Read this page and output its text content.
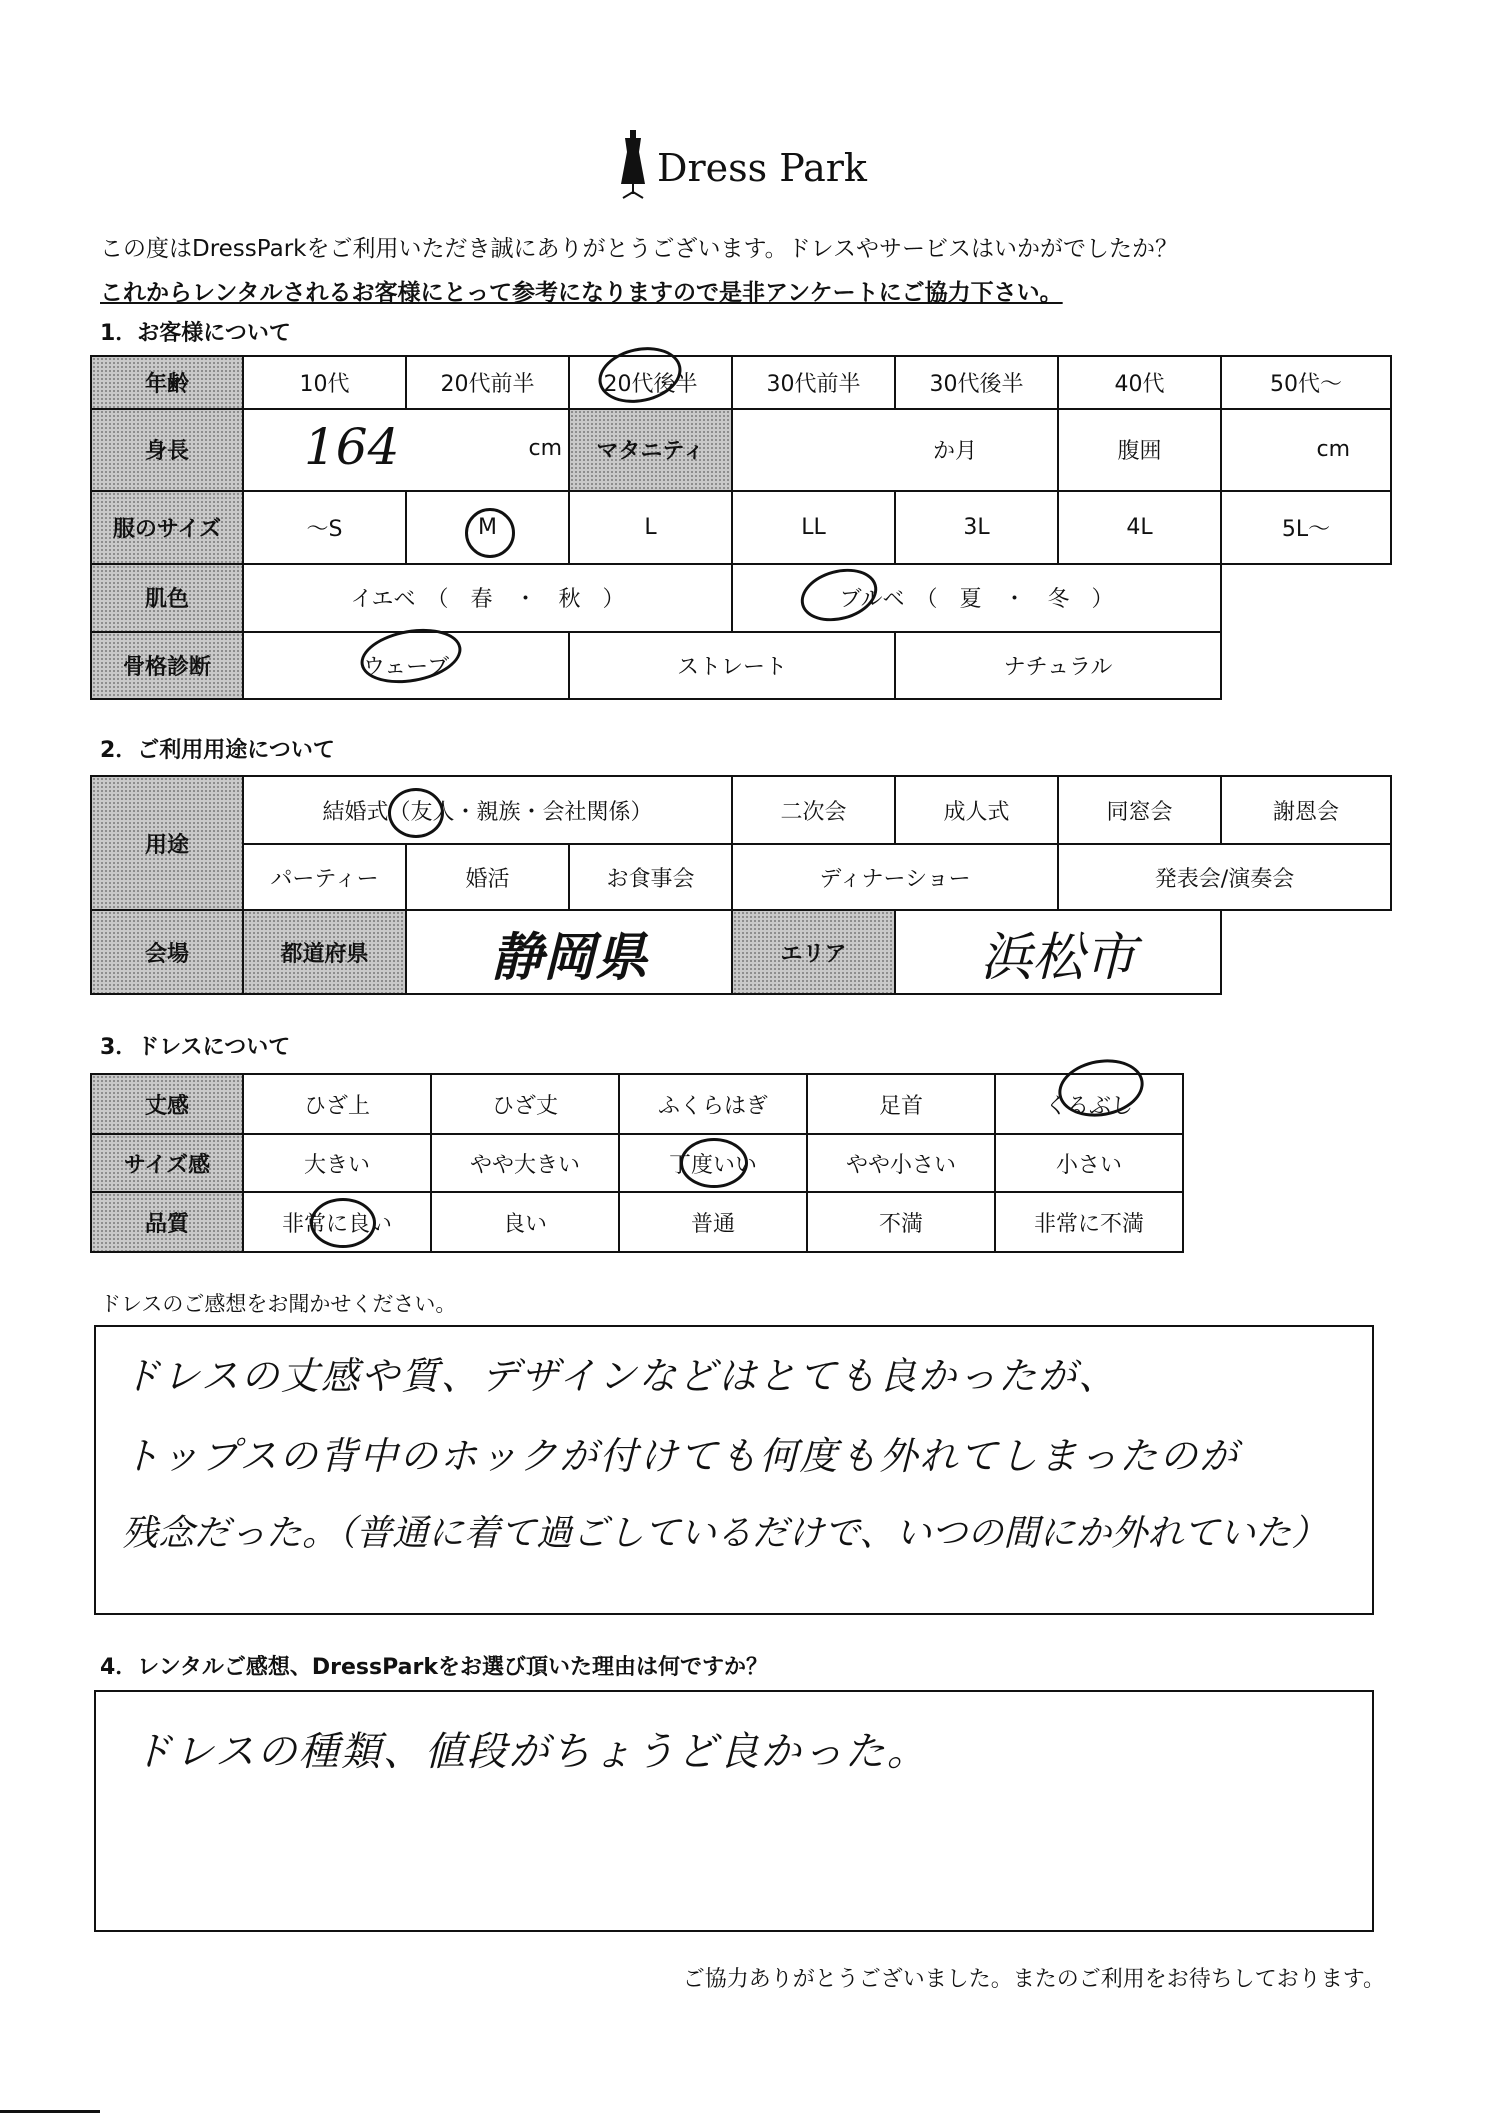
Dress Park
この度はDressParkをご利用いただき誠にありがとうございます。ドレスやサービスはいかがでしたか？
これからレンタルされるお客様にとって参考になりますので是非アンケートにご協力下さい。
1．お客様について
年齢	10代	20代前半	20代後半	30代前半	30代後半	40代	50代～
身長	164 cm		マタニティ	か月		腹囲	cm
服のサイズ	～S	M	L	LL	3L	4L	5L～
肌色	イエベ　（　春　・　秋　）			ブルベ　（　夏　・　冬　）			
骨格診断	ウェーブ		ストレート		ナチュラル		
2．ご利用用途について
用途	結婚式（友人・親族・会社関係）			二次会	成人式	同窓会	謝恩会
	パーティー	婚活	お食事会	ディナーショー		発表会/演奏会	
会場	都道府県	静岡県		エリア	浜松市		
3．ドレスについて
丈感	ひざ上	ひざ丈	ふくらはぎ	足首	くるぶし
サイズ感	大きい	やや大きい	丁度いい	やや小さい	小さい
品質	非常に良い	良い	普通	不満	非常に不満
ドレスのご感想をお聞かせください。
ドレスの丈感や質、デザインなどはとても良かったが、
トップスの背中のホックが付けても何度も外れてしまったのが
残念だった。（普通に着て過ごしているだけで、いつの間にか外れていた）
4．レンタルご感想、DressParkをお選び頂いた理由は何ですか？
ドレスの種類、値段がちょうど良かった。
ご協力ありがとうございました。またのご利用をお待ちしております。
